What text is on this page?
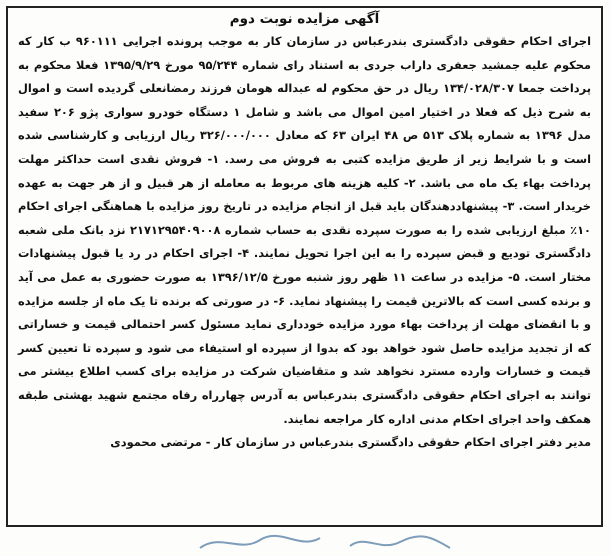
آگهی مزایده نوبت دوم

اجرای احکام حقوقی دادگستری بندرعباس در سازمان کار به موجب پرونده اجرایی ۹۶۰۱۱۱ ب کار که محکوم علیه جمشید جعفری داراب جردی به استناد رای شماره ۹۵/۲۴۴ مورخ ۱۳۹۵/۹/۲۹ فعلا محکوم به پرداخت جمعا ۱۳۴/۰۲۸/۳۰۷ ریال در حق محکوم له عبداله هومان فرزند رمضانعلی گردیده است و اموال به شرح ذیل که فعلا در اختیار امین اموال می باشد و شامل ۱ دستگاه خودرو سواری پژو ۲۰۶ سفید مدل ۱۳۹۶ به شماره پلاک ۵۱۳ ص ۴۸ ایران ۶۳ که معادل ۳۲۶/۰۰۰/۰۰۰ ریال ارزیابی و کارشناسی شده است و با شرایط زیر از طریق مزایده کتبی به فروش می رسد. ۱- فروش نقدی است حداکثر مهلت پرداخت بهاء یک ماه می باشد. ۲- کلیه هزینه های مربوط به معامله از هر قبیل و از هر جهت به عهده خریدار است. ۳- پیشنهاددهندگان باید قبل از انجام مزایده در تاریخ روز مزایده با هماهنگی اجرای احکام ۱۰٪ مبلغ ارزیابی شده را به صورت سپرده نقدی به حساب شماره ۲۱۷۱۲۹۵۴۰۹۰۰۸ نزد بانک ملی شعبه دادگستری تودیع و قبض سپرده را به این اجرا تحویل نمایند. ۴- اجرای احکام در رد یا قبول پیشنهادات مختار است. ۵- مزایده در ساعت ۱۱ ظهر روز شنبه مورخ ۱۳۹۶/۱۲/۵ به صورت حضوری به عمل می آید و برنده کسی است که بالاترین قیمت را پیشنهاد نماید. ۶- در صورتی که برنده تا یک ماه از جلسه مزایده و با انقضای مهلت از پرداخت بهاء مورد مزایده خودداری نماید مسئول کسر احتمالی قیمت و خساراتی که از تجدید مزایده حاصل شود خواهد بود که بدوا از سپرده او استیفاء می شود و سپرده تا تعیین کسر قیمت و خسارات وارده مسترد نخواهد شد و متقاضیان شرکت در مزایده برای کسب اطلاع بیشتر می توانند به اجرای احکام حقوقی دادگستری بندرعباس به آدرس چهارراه رفاه مجتمع شهید بهشتی طبقه همکف واحد اجرای احکام مدنی اداره کار مراجعه نمایند.

مدیر دفتر اجرای احکام حقوقی دادگستری بندرعباس در سازمان کار - مرتضی محمودی
